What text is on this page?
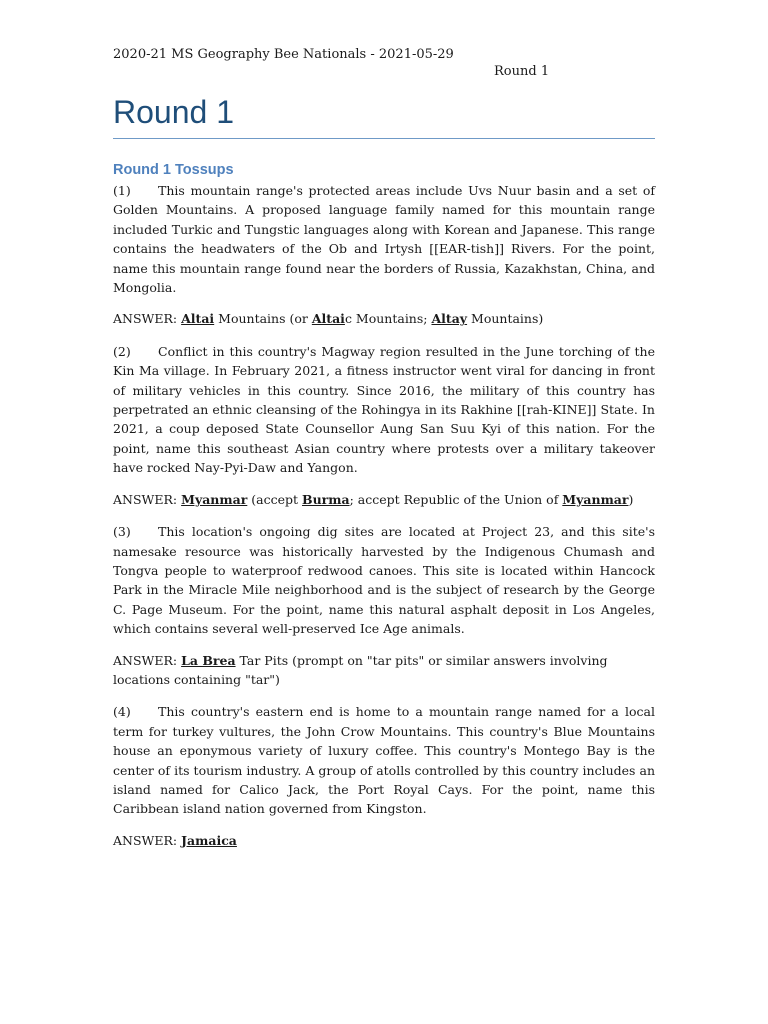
2020-21 MS Geography Bee Nationals - 2021-05-29
Round 1
Round 1
Round 1 Tossups

(1) This mountain range's protected areas include Uvs Nuur basin and a set of Golden Mountains. A proposed language family named for this mountain range included Turkic and Tungstic languages along with Korean and Japanese. This range contains the headwaters of the Ob and Irtysh [[EAR-tish]] Rivers. For the point, name this mountain range found near the borders of Russia, Kazakhstan, China, and Mongolia.

ANSWER: Altai Mountains (or Altaic Mountains; Altay Mountains)

(2) Conflict in this country's Magway region resulted in the June torching of the Kin Ma village. In February 2021, a fitness instructor went viral for dancing in front of military vehicles in this country. Since 2016, the military of this country has perpetrated an ethnic cleansing of the Rohingya in its Rakhine [[rah-KINE]] State. In 2021, a coup deposed State Counsellor Aung San Suu Kyi of this nation. For the point, name this southeast Asian country where protests over a military takeover have rocked Nay-Pyi-Daw and Yangon.

ANSWER: Myanmar (accept Burma; accept Republic of the Union of Myanmar)

(3) This location's ongoing dig sites are located at Project 23, and this site's namesake resource was historically harvested by the Indigenous Chumash and Tongva people to waterproof redwood canoes. This site is located within Hancock Park in the Miracle Mile neighborhood and is the subject of research by the George C. Page Museum. For the point, name this natural asphalt deposit in Los Angeles, which contains several well-preserved Ice Age animals.

ANSWER: La Brea Tar Pits (prompt on "tar pits" or similar answers involving locations containing "tar")

(4) This country's eastern end is home to a mountain range named for a local term for turkey vultures, the John Crow Mountains. This country's Blue Mountains house an eponymous variety of luxury coffee. This country's Montego Bay is the center of its tourism industry. A group of atolls controlled by this country includes an island named for Calico Jack, the Port Royal Cays. For the point, name this Caribbean island nation governed from Kingston.

ANSWER: Jamaica
